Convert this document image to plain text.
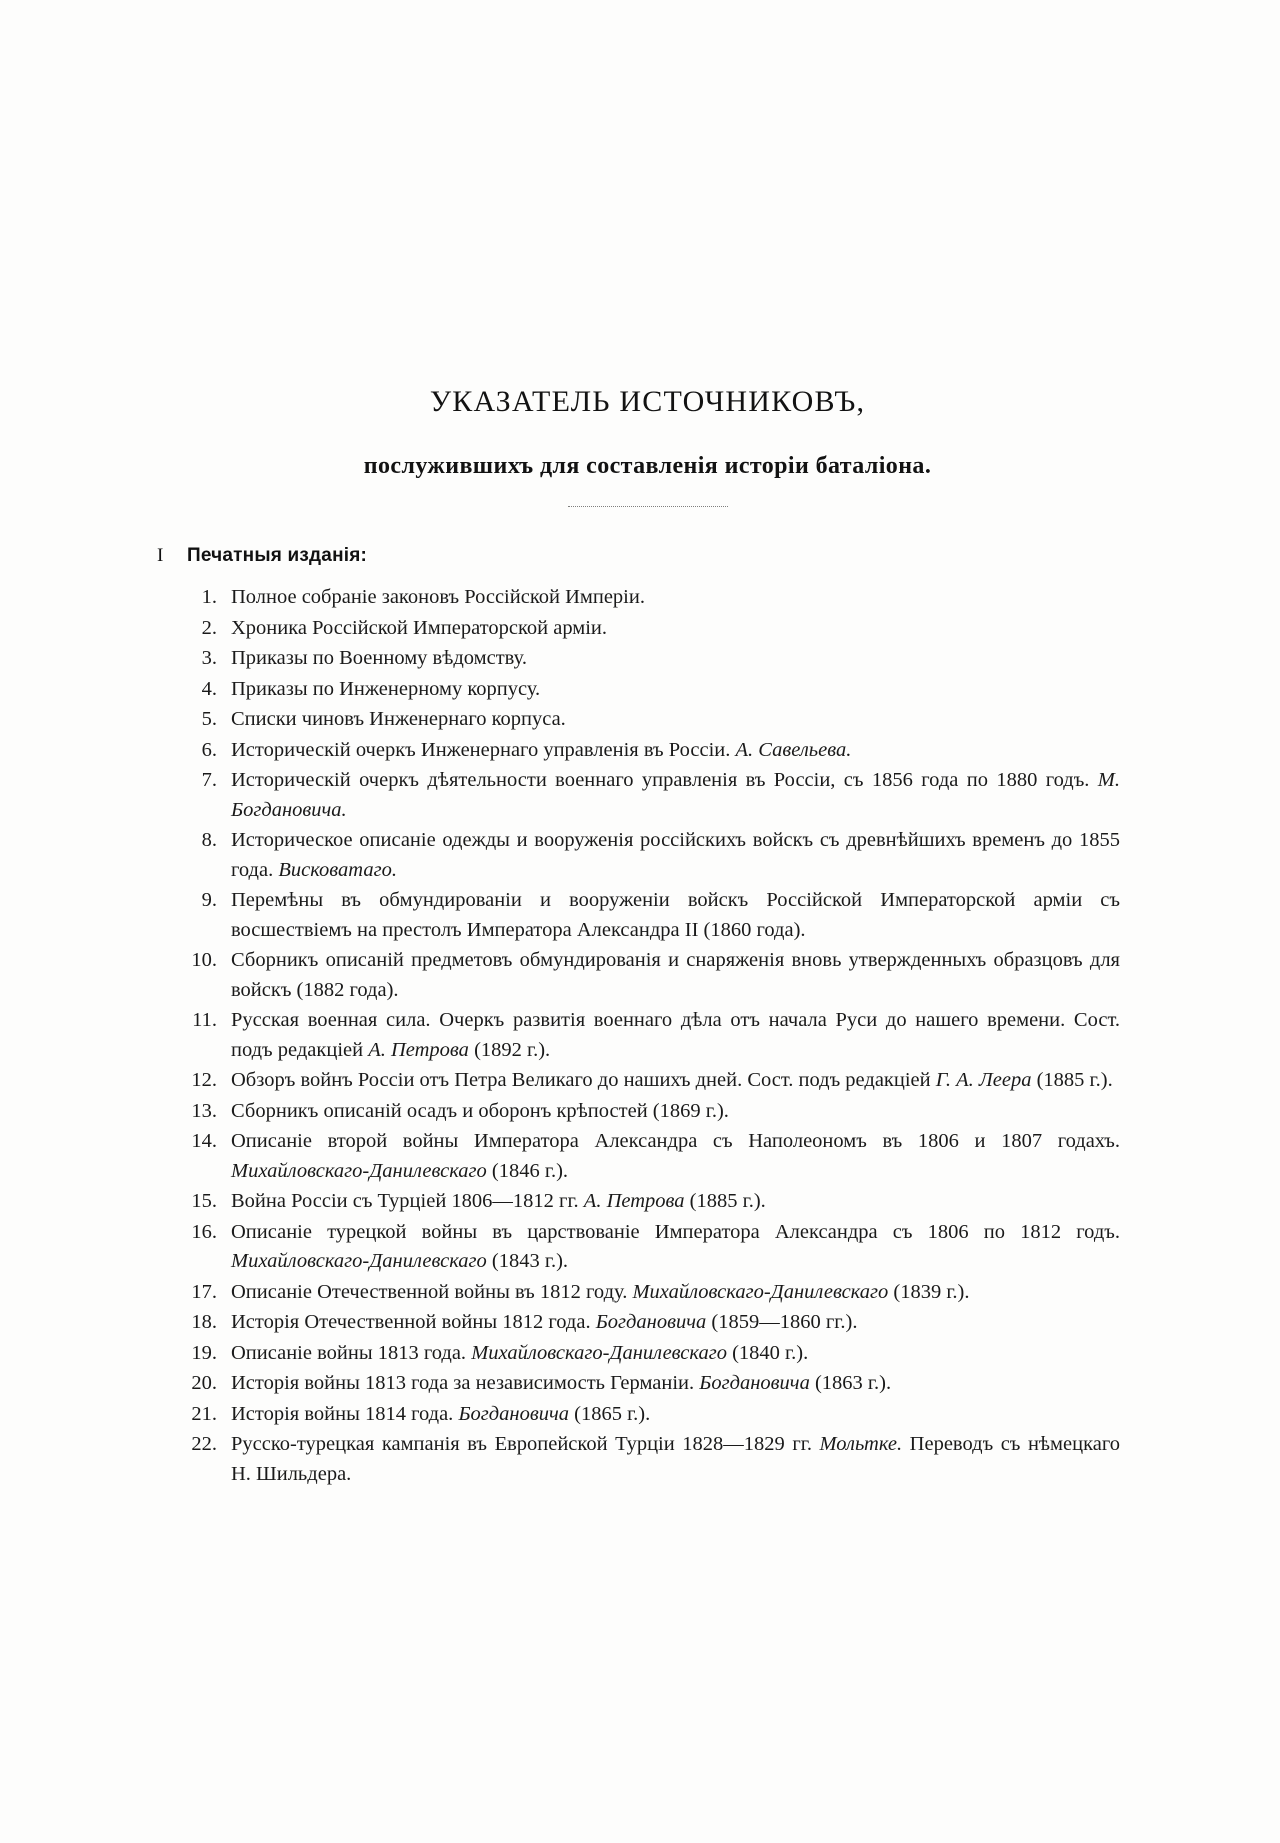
УКАЗАТЕЛЬ ИСТОЧНИКОВЪ,
послужившихъ для составленія исторіи баталіона.
I	Печатныя изданія:
1. Полное собраніе законовъ Россійской Имперіи.
2. Хроника Россійской Императорской арміи.
3. Приказы по Военному вѣдомству.
4. Приказы по Инженерному корпусу.
5. Списки чиновъ Инженернаго корпуса.
6. Историческій очеркъ Инженернаго управленія въ Россіи. А. Савельева.
7. Историческій очеркъ дѣятельности военнаго управленія въ Россіи, съ 1856 года по 1880 годъ. М. Богдановича.
8. Историческое описаніе одежды и вооруженія россійскихъ войскъ съ древнѣйшихъ временъ до 1855 года. Висковатаго.
9. Перемѣны въ обмундированіи и вооруженіи войскъ Россійской Императорской арміи съ восшествіемъ на престолъ Императора Александра II (1860 года).
10. Сборникъ описаній предметовъ обмундированія и снаряженія вновь утвержденныхъ образцовъ для войскъ (1882 года).
11. Русская военная сила. Очеркъ развитія военнаго дѣла отъ начала Руси до нашего времени. Сост. подъ редакціей А. Петрова (1892 г.).
12. Обзоръ войнъ Россіи отъ Петра Великаго до нашихъ дней. Сост. подъ редакціей Г. А. Леера (1885 г.).
13. Сборникъ описаній осадъ и оборонъ крѣпостей (1869 г.).
14. Описаніе второй войны Императора Александра съ Наполеономъ въ 1806 и 1807 годахъ. Михайловскаго-Данилевскаго (1846 г.).
15. Война Россіи съ Турціей 1806—1812 гг. А. Петрова (1885 г.).
16. Описаніе турецкой войны въ царствованіе Императора Александра съ 1806 по 1812 годъ. Михайловскаго-Данилевскаго (1843 г.).
17. Описаніе Отечественной войны въ 1812 году. Михайловскаго-Данилевскаго (1839 г.).
18. Исторія Отечественной войны 1812 года. Богдановича (1859—1860 гг.).
19. Описаніе войны 1813 года. Михайловскаго-Данилевскаго (1840 г.).
20. Исторія войны 1813 года за независимость Германіи. Богдановича (1863 г.).
21. Исторія войны 1814 года. Богдановича (1865 г.).
22. Русско-турецкая кампанія въ Европейской Турціи 1828—1829 гг. Мольтке. Переводъ съ нѣмецкаго Н. Шильдера.
